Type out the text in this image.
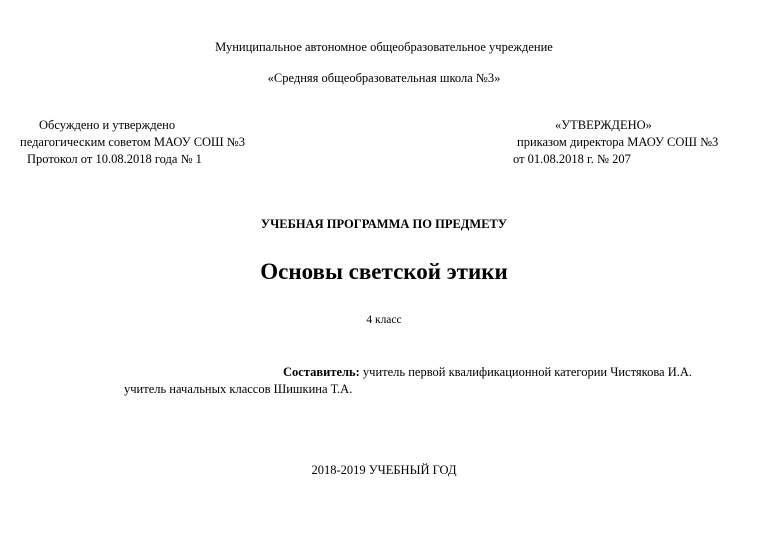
Муниципальное автономное общеобразовательное учреждение
«Средняя общеобразовательная школа №3»
Обсуждено и утверждено
педагогическим советом МАОУ СОШ №3
Протокол от 10.08.2018 года № 1
«УТВЕРЖДЕНО»
приказом директора МАОУ СОШ №3
от 01.08.2018 г. № 207
УЧЕБНАЯ ПРОГРАММА ПО ПРЕДМЕТУ
Основы светской этики
4 класс
Составитель: учитель первой квалификационной категории Чистякова И.А.
учитель начальных классов Шишкина Т.А.
2018-2019 УЧЕБНЫЙ ГОД
